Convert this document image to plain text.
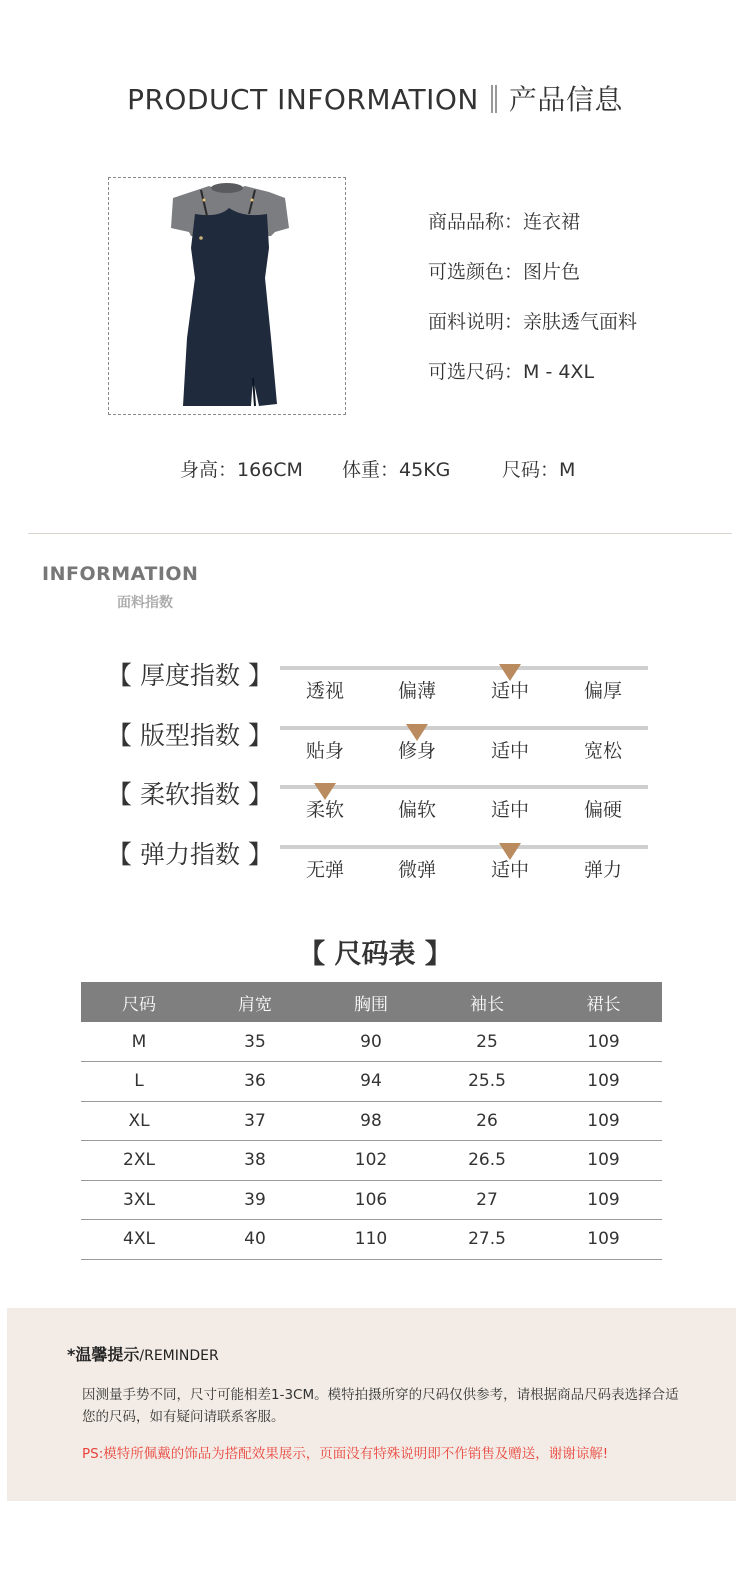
PRODUCT INFORMATION 产品信息
商品品称：连衣裙
可选颜色：图片色
面料说明：亲肤透气面料
可选尺码：M - 4XL
身高：166CM 体重：45KG	尺码：M
INFORMATION
面料指数
【 厚度指数 】
透视	偏薄	适中	偏厚
【 版型指数 】
贴身	修身	适中	宽松
【 柔软指数 】
柔软	偏软	适中	偏硬
【 弹力指数 】
无弹	微弹	适中	弹力
【 尺码表 】
尺码	肩宽	胸围	袖长	裙长
M	35	90	25	109
L	36	94	25.5	109
XL	37	98	26	109
2XL	38	102	26.5	109
3XL	39	106	27	109
4XL	40	110	27.5	109
*温馨提示/REMINDER
因测量手势不同，尺寸可能相差1-3CM。模特拍摄所穿的尺码仅供参考，请根据商品尺码表选择合适您的尺码，如有疑问请联系客服。
PS:模特所佩戴的饰品为搭配效果展示，页面没有特殊说明即不作销售及赠送，谢谢谅解!
